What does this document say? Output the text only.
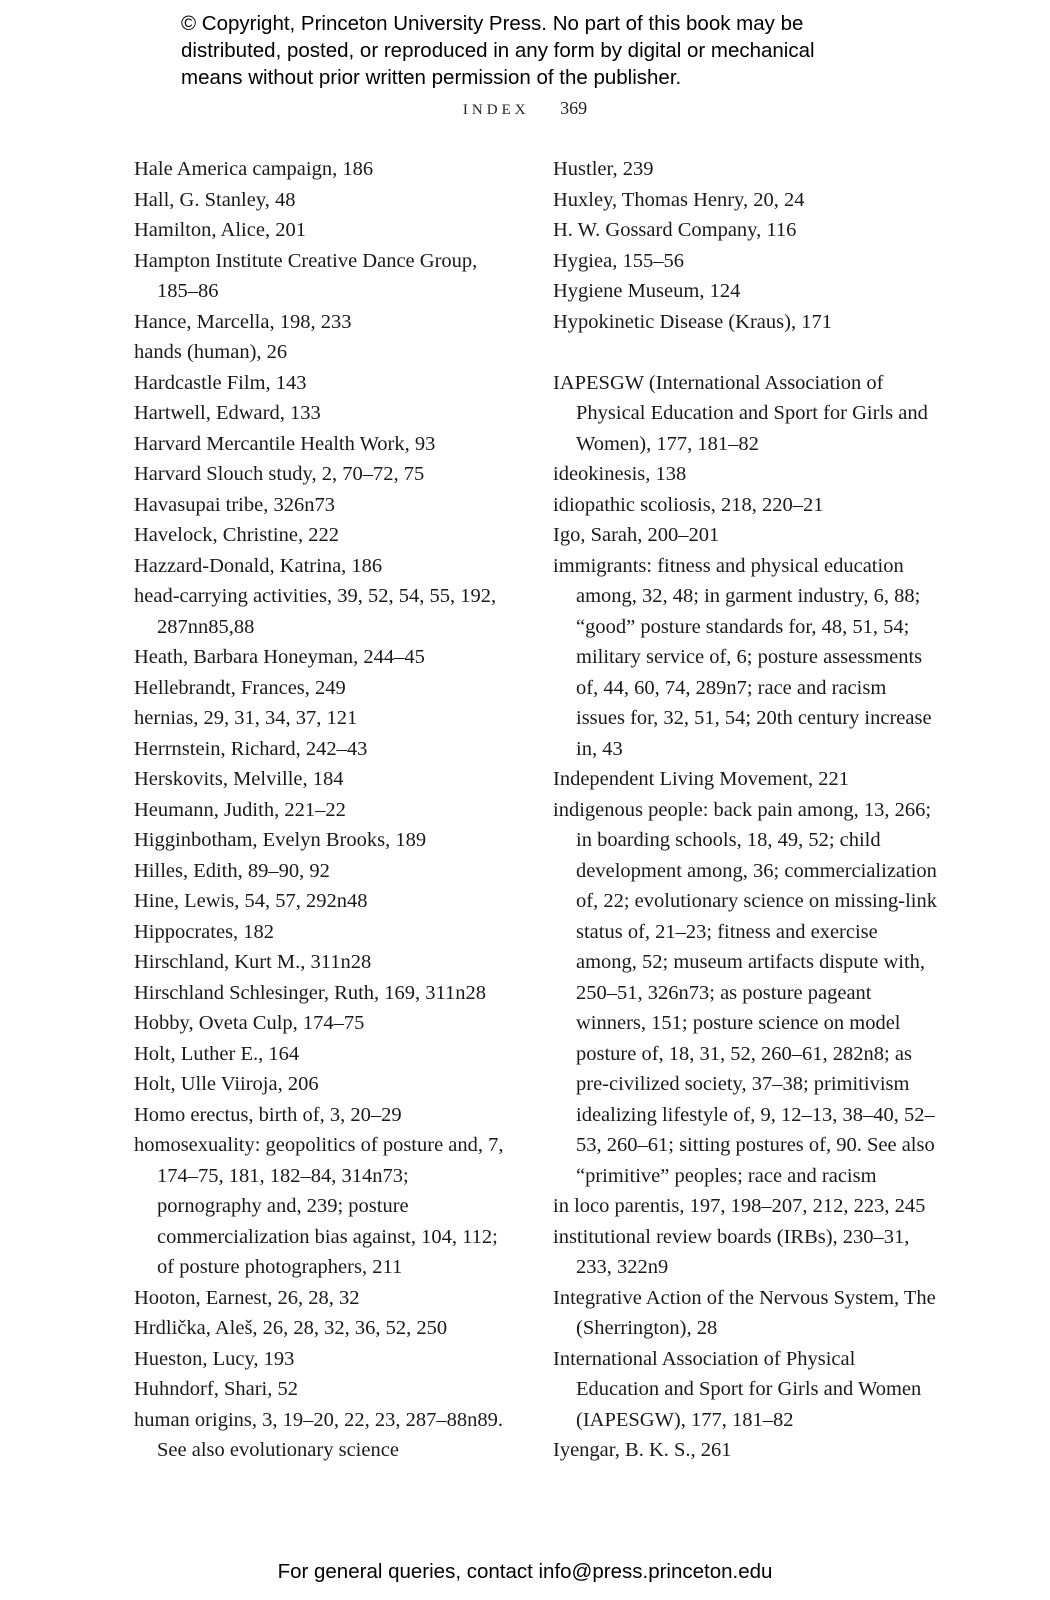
© Copyright, Princeton University Press. No part of this book may be
distributed, posted, or reproduced in any form by digital or mechanical
means without prior written permission of the publisher.
INDEX 369
Hale America campaign, 186
Hall, G. Stanley, 48
Hamilton, Alice, 201
Hampton Institute Creative Dance Group, 185–86
Hance, Marcella, 198, 233
hands (human), 26
Hardcastle Film, 143
Hartwell, Edward, 133
Harvard Mercantile Health Work, 93
Harvard Slouch study, 2, 70–72, 75
Havasupai tribe, 326n73
Havelock, Christine, 222
Hazzard-Donald, Katrina, 186
head-carrying activities, 39, 52, 54, 55, 192, 287nn85,88
Heath, Barbara Honeyman, 244–45
Hellebrandt, Frances, 249
hernias, 29, 31, 34, 37, 121
Herrnstein, Richard, 242–43
Herskovits, Melville, 184
Heumann, Judith, 221–22
Higginbotham, Evelyn Brooks, 189
Hilles, Edith, 89–90, 92
Hine, Lewis, 54, 57, 292n48
Hippocrates, 182
Hirschland, Kurt M., 311n28
Hirschland Schlesinger, Ruth, 169, 311n28
Hobby, Oveta Culp, 174–75
Holt, Luther E., 164
Holt, Ulle Viiroja, 206
Homo erectus, birth of, 3, 20–29
homosexuality: geopolitics of posture and, 7, 174–75, 181, 182–84, 314n73; pornography and, 239; posture commercialization bias against, 104, 112; of posture photographers, 211
Hooton, Earnest, 26, 28, 32
Hrdlička, Aleš, 26, 28, 32, 36, 52, 250
Hueston, Lucy, 193
Huhndorf, Shari, 52
human origins, 3, 19–20, 22, 23, 287–88n89. See also evolutionary science
Hustler, 239
Huxley, Thomas Henry, 20, 24
H. W. Gossard Company, 116
Hygiea, 155–56
Hygiene Museum, 124
Hypokinetic Disease (Kraus), 171
IAPESGW (International Association of Physical Education and Sport for Girls and Women), 177, 181–82
ideokinesis, 138
idiopathic scoliosis, 218, 220–21
Igo, Sarah, 200–201
immigrants: fitness and physical education among, 32, 48; in garment industry, 6, 88; “good” posture standards for, 48, 51, 54; military service of, 6; posture assessments of, 44, 60, 74, 289n7; race and racism issues for, 32, 51, 54; 20th century increase in, 43
Independent Living Movement, 221
indigenous people: back pain among, 13, 266; in boarding schools, 18, 49, 52; child development among, 36; commercialization of, 22; evolutionary science on missing-link status of, 21–23; fitness and exercise among, 52; museum artifacts dispute with, 250–51, 326n73; as posture pageant winners, 151; posture science on model posture of, 18, 31, 52, 260–61, 282n8; as pre-civilized society, 37–38; primitivism idealizing lifestyle of, 9, 12–13, 38–40, 52–53, 260–61; sitting postures of, 90. See also “primitive” peoples; race and racism
in loco parentis, 197, 198–207, 212, 223, 245
institutional review boards (IRBs), 230–31, 233, 322n9
Integrative Action of the Nervous System, The (Sherrington), 28
International Association of Physical Education and Sport for Girls and Women (IAPESGW), 177, 181–82
Iyengar, B. K. S., 261
For general queries, contact info@press.princeton.edu
